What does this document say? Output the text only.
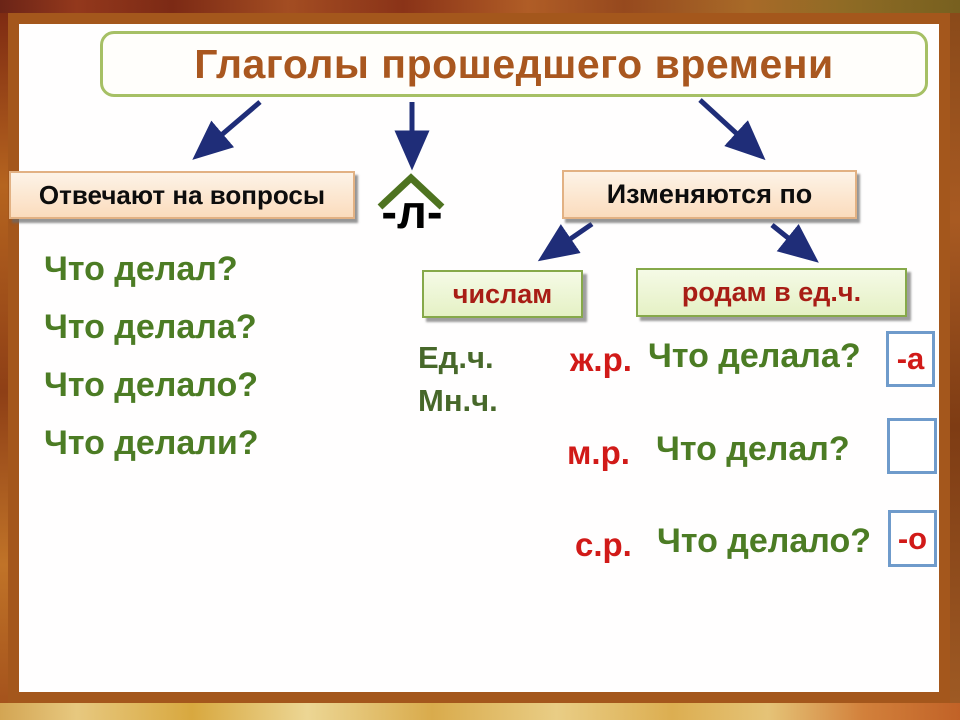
Глаголы прошедшего времени
Отвечают на вопросы	-л-
Что делал?
Что делала?
Что делало?
Что делали?
Изменяются по
числам	родам в ед.ч.
Ед.ч.
Мн.ч.
ж.р. Что делала? -а
м.р. Что делал?
с.р. Что делало? -о
